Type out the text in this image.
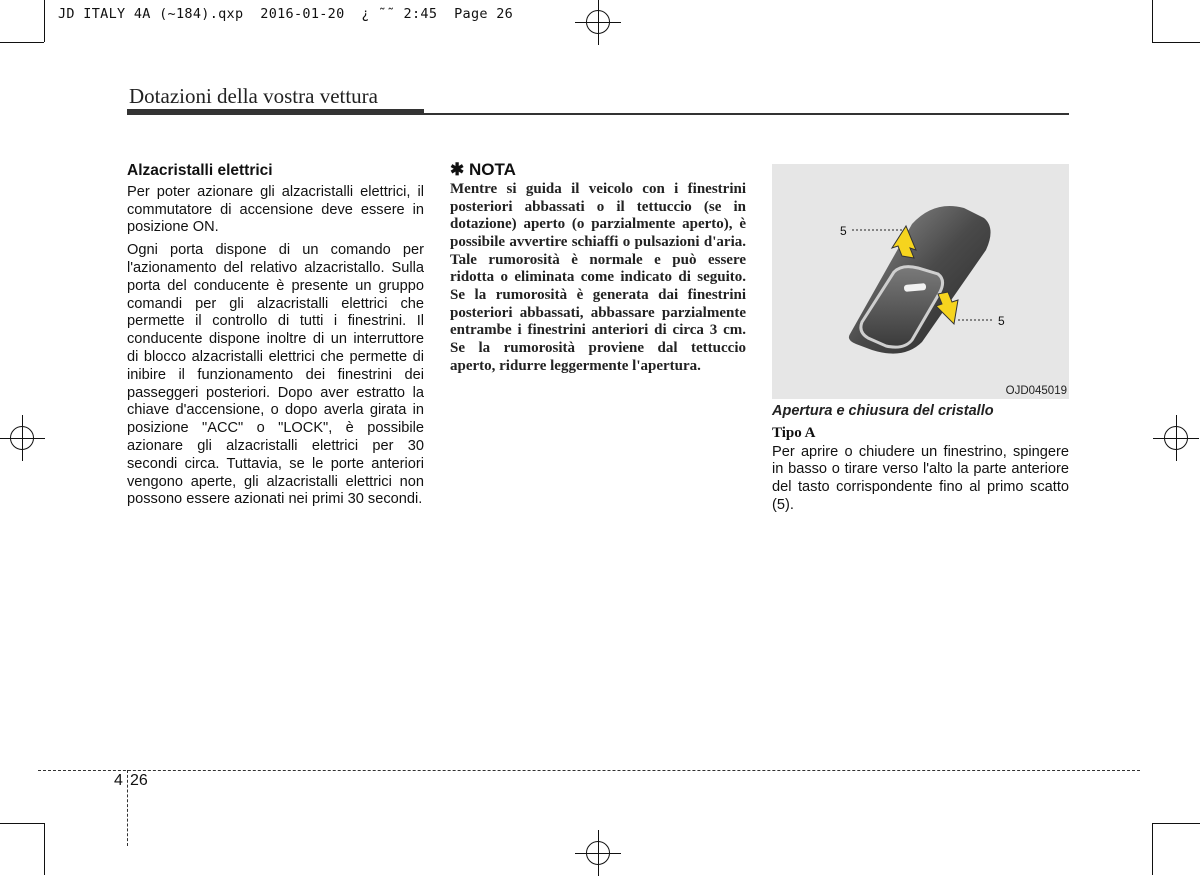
JD ITALY 4A (~184).qxp  2016-01-20  ¿ ˜˜ 2:45  Page 26
Dotazioni della vostra vettura
Alzacristalli elettrici

Per poter azionare gli alzacristalli elettrici, il commutatore di accensione deve essere in posizione ON.

Ogni porta dispone di un comando per l'azionamento del relativo alzacristallo. Sulla porta del conducente è presente un gruppo comandi per gli alzacristalli elettrici che permette il controllo di tutti i finestrini. Il conducente dispone inoltre di un interruttore di blocco alzacristalli elettrici che permette di inibire il funzionamento dei finestrini dei passeggeri posteriori. Dopo aver estratto la chiave d'accensione, o dopo averla girata in posizione "ACC" o "LOCK", è possibile azionare gli alzacristalli elettrici per 30 secondi circa. Tuttavia, se le porte anteriori vengono aperte, gli alzacristalli elettrici non possono essere azionati nei primi 30 secondi.

✱ NOTA

Mentre si guida il veicolo con i finestrini posteriori abbassati o il tettuccio (se in dotazione) aperto (o parzialmente aperto), è possibile avvertire schiaffi o pulsazioni d'aria. Tale rumorosità è normale e può essere ridotta o eliminata come indicato di seguito. Se la rumorosità è generata dai finestrini posteriori abbassati, abbassare parzialmente entrambe i finestrini anteriori di circa 3 cm. Se la rumorosità proviene dal tettuccio aperto, ridurre leggermente l'apertura.

5
5
OJD045019
Apertura e chiusura del cristallo
Tipo A

Per aprire o chiudere un finestrino, spingere in basso o tirare verso l'alto la parte anteriore del tasto corrispondente fino al primo scatto (5).

4 26
